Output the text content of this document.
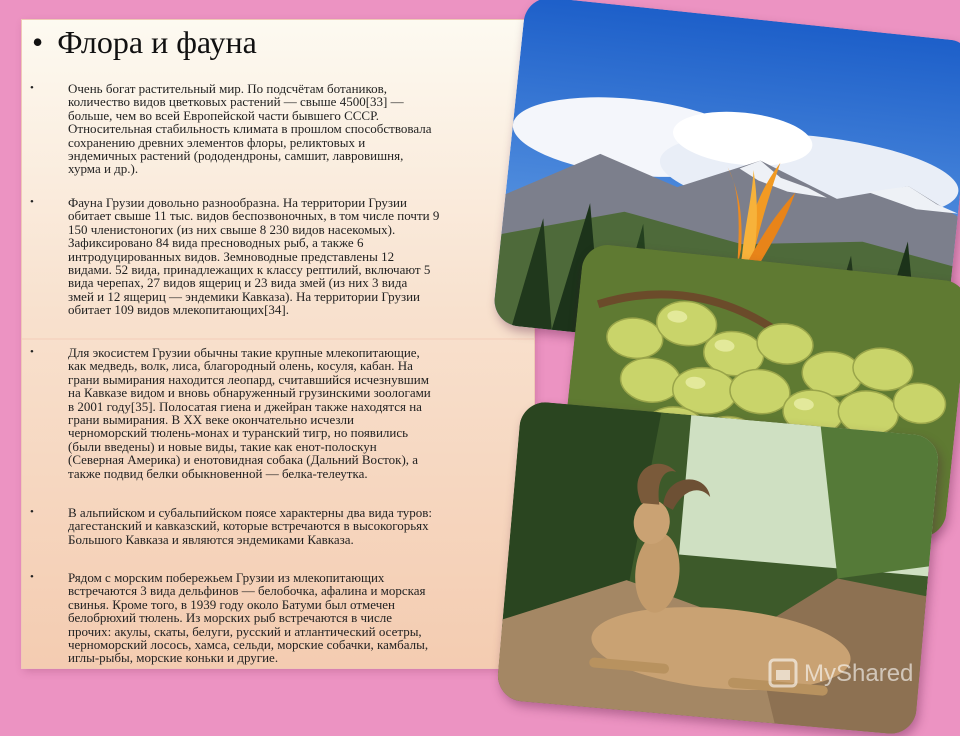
• Флора и фауна
•	Очень богат растительный мир. По подсчётам ботаников,
количество видов цветковых растений — свыше 4500[33] —
больше, чем во всей Европейской части бывшего СССР.
Относительная стабильность климата в прошлом способствовала
сохранению древних элементов флоры, реликтовых и
эндемичных растений (рододендроны, самшит, лавровишня,
хурма и др.).
•	Фауна Грузии довольно разнообразна. На территории Грузии
обитает свыше 11 тыс. видов беспозвоночных, в том числе почти 9
150 членистоногих (из них свыше 8 230 видов насекомых).
Зафиксировано 84 вида пресноводных рыб, а также 6
интродуцированных видов. Земноводные представлены 12
видами. 52 вида, принадлежащих к классу рептилий, включают 5
вида черепах, 27 видов ящериц и 23 вида змей (из них 3 вида
змей и 12 ящериц — эндемики Кавказа). На территории Грузии
обитает 109 видов млекопитающих[34].
•	Для экосистем Грузии обычны такие крупные млекопитающие,
как медведь, волк, лиса, благородный олень, косуля, кабан. На
грани вымирания находится леопард, считавшийся исчезнувшим
на Кавказе видом и вновь обнаруженный грузинскими зоологами
в 2001 году[35]. Полосатая гиена и джейран также находятся на
грани вымирания. В XX веке окончательно исчезли
черноморский тюлень-монах и туранский тигр, но появились
(были введены) и новые виды, такие как енот-полоскун
(Северная Америка) и енотовидная собака (Дальний Восток), а
также подвид белки обыкновенной — белка-телеутка.
•	В альпийском и субальпийском поясе характерны два вида туров:
дагестанский и кавказский, которые встречаются в высокогорьях
Большого Кавказа и являются эндемиками Кавказа.
•	Рядом с морским побережьем Грузии из млекопитающих
встречаются 3 вида дельфинов — белобочка, афалина и морская
свинья. Кроме того, в 1939 году около Батуми был отмечен
белобрюхий тюлень. Из морских рыб встречаются в числе
прочих: акулы, скаты, белуги, русский и атлантический осетры,
черноморский лосось, хамса, сельди, морские собачки, камбалы,
иглы-рыбы, морские коньки и другие.
MyShared
